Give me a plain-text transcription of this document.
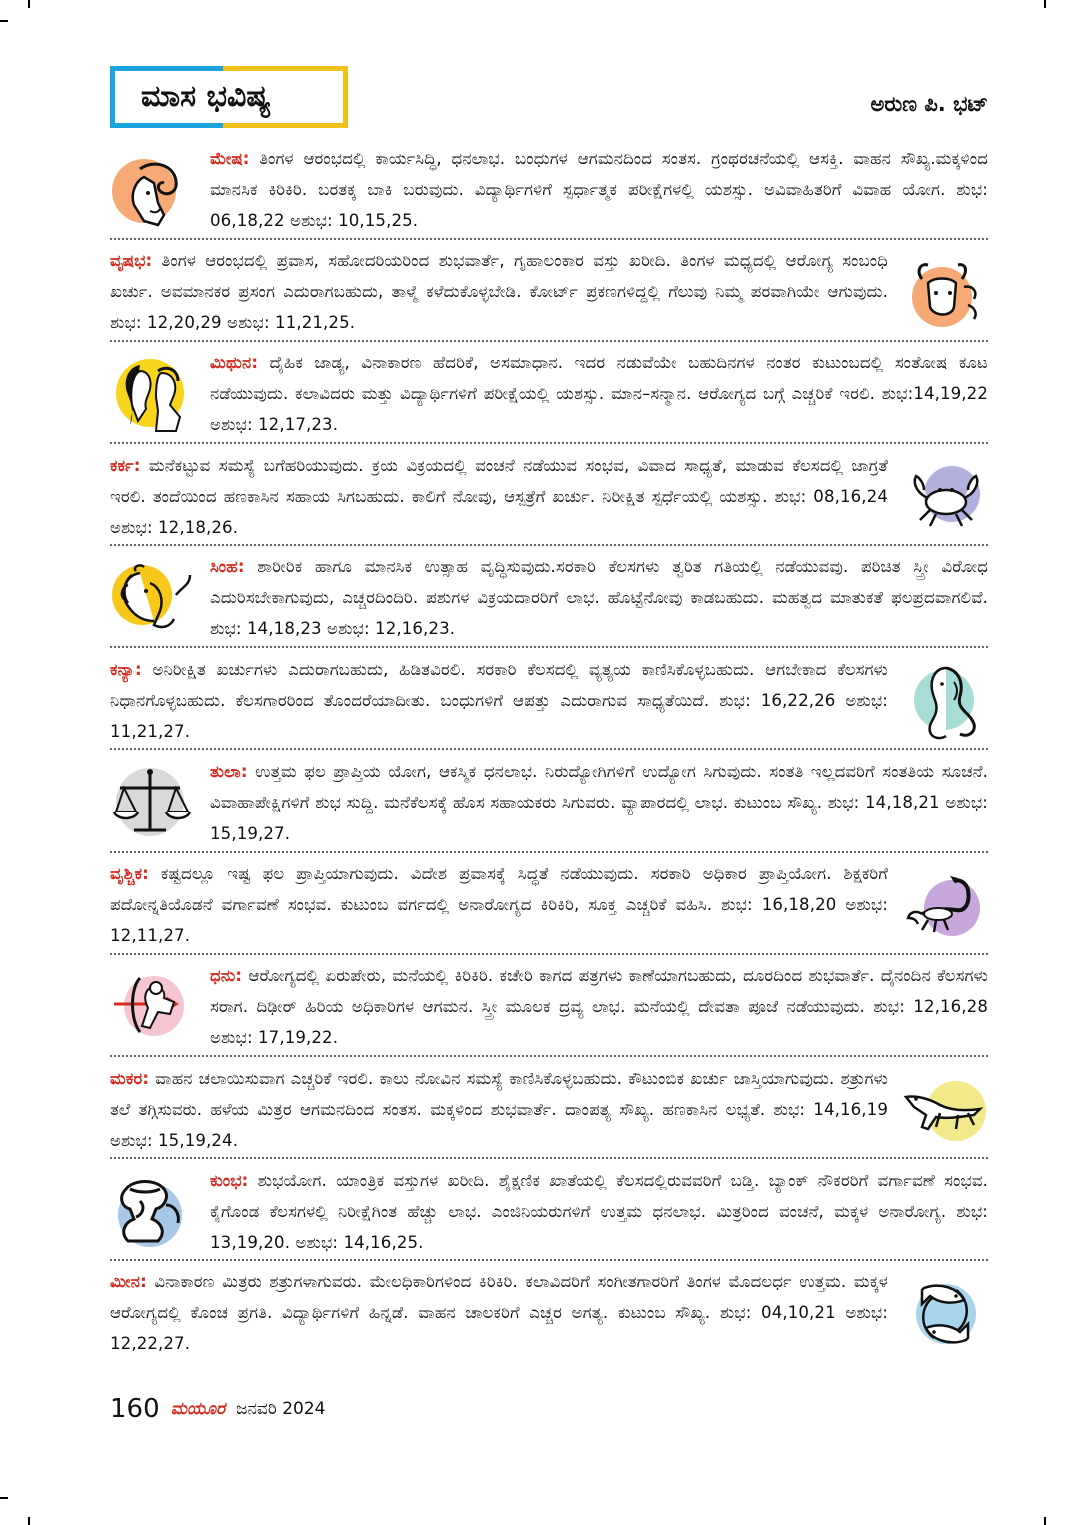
ಮಾಸ ಭವಿಷ್ಯ	ಅರುಣ ಪಿ. ಭಟ್
ಮೇಷ: ತಿಂಗಳ ಆರಂಭದಲ್ಲಿ ಕಾರ್ಯಸಿದ್ಧಿ, ಧನಲಾಭ. ಬಂಧುಗಳ ಆಗಮನದಿಂದ ಸಂತಸ. ಗ್ರಂಥರಚನೆಯಲ್ಲಿ ಆಸಕ್ತಿ. ವಾಹನ ಸೌಖ್ಯ.ಮಕ್ಕಳಿಂದ ಮಾನಸಿಕ ಕಿರಿಕಿರಿ. ಬರತಕ್ಕ ಬಾಕಿ ಬರುವುದು. ವಿದ್ಯಾರ್ಥಿಗಳಿಗೆ ಸ್ಪರ್ಧಾತ್ಮಕ ಪರೀಕ್ಷೆಗಳಲ್ಲಿ ಯಶಸ್ಸು. ಅವಿವಾಹಿತರಿಗೆ ವಿವಾಹ ಯೋಗ. ಶುಭ: 06,18,22 ಅಶುಭ: 10,15,25.
ವೃಷಭ: ತಿಂಗಳ ಆರಂಭದಲ್ಲಿ ಪ್ರವಾಸ, ಸಹೋದರಿಯರಿಂದ ಶುಭವಾರ್ತೆ, ಗೃಹಾಲಂಕಾರ ವಸ್ತು ಖರೀದಿ. ತಿಂಗಳ ಮಧ್ಯದಲ್ಲಿ ಆರೋಗ್ಯ ಸಂಬಂಧಿ ಖರ್ಚು. ಅವಮಾನಕರ ಪ್ರಸಂಗ ಎದುರಾಗಬಹುದು, ತಾಳ್ಮೆ ಕಳೆದುಕೊಳ್ಳಬೇಡಿ. ಕೋರ್ಟ್ ಪ್ರಕಣಗಳಿದ್ದಲ್ಲಿ ಗೆಲುವು ನಿಮ್ಮ ಪರವಾಗಿಯೇ ಆಗುವುದು. ಶುಭ: 12,20,29 ಅಶುಭ: 11,21,25.
ಮಿಥುನ: ದೈಹಿಕ ಜಾಡ್ಯ, ವಿನಾಕಾರಣ ಹೆದರಿಕೆ, ಅಸಮಾಧಾನ. ಇದರ ನಡುವೆಯೇ ಬಹುದಿನಗಳ ನಂತರ ಕುಟುಂಬದಲ್ಲಿ ಸಂತೋಷ ಕೂಟ ನಡೆಯುವುದು. ಕಲಾವಿದರು ಮತ್ತು ವಿದ್ಯಾರ್ಥಿಗಳಿಗೆ ಪರೀಕ್ಷೆಯಲ್ಲಿ ಯಶಸ್ಸು. ಮಾನ–ಸನ್ಮಾನ. ಆರೋಗ್ಯದ ಬಗ್ಗೆ ಎಚ್ಚರಿಕೆ ಇರಲಿ. ಶುಭ:14,19,22 ಅಶುಭ: 12,17,23.
ಕರ್ಕ: ಮನೆಕಟ್ಟುವ ಸಮಸ್ಯೆ ಬಗೆಹರಿಯುವುದು. ಕ್ರಯ ವಿಕ್ರಯದಲ್ಲಿ ವಂಚನೆ ನಡೆಯುವ ಸಂಭವ, ವಿವಾದ ಸಾಧ್ಯತೆ, ಮಾಡುವ ಕೆಲಸದಲ್ಲಿ ಜಾಗ್ರತೆ ಇರಲಿ. ತಂದೆಯಿಂದ ಹಣಕಾಸಿನ ಸಹಾಯ ಸಿಗಬಹುದು. ಕಾಲಿಗೆ ನೋವು, ಆಸ್ಪತ್ರೆಗೆ ಖರ್ಚು. ನಿರೀಕ್ಷಿತ ಸ್ಪರ್ಧೆಯಲ್ಲಿ ಯಶಸ್ಸು. ಶುಭ: 08,16,24 ಅಶುಭ: 12,18,26.
ಸಿಂಹ: ಶಾರೀರಿಕ ಹಾಗೂ ಮಾನಸಿಕ ಉತ್ಸಾಹ ವೃದ್ಧಿಸುವುದು.ಸರಕಾರಿ ಕೆಲಸಗಳು ತ್ವರಿತ ಗತಿಯಲ್ಲಿ ನಡೆಯುವವು. ಪರಿಚಿತ ಸ್ತ್ರೀ ವಿರೋಧ ಎದುರಿಸಬೇಕಾಗುವುದು, ಎಚ್ಚರದಿಂದಿರಿ. ಪಶುಗಳ ವಿಕ್ರಯದಾರರಿಗೆ ಲಾಭ. ಹೊಟ್ಟೆನೋವು ಕಾಡಬಹುದು. ಮಹತ್ವದ ಮಾತುಕತೆ ಫಲಪ್ರದವಾಗಲಿವೆ. ಶುಭ: 14,18,23 ಅಶುಭ: 12,16,23.
ಕನ್ಯಾ: ಅನಿರೀಕ್ಷಿತ ಖರ್ಚುಗಳು ಎದುರಾಗಬಹುದು, ಹಿಡಿತವಿರಲಿ. ಸರಕಾರಿ ಕೆಲಸದಲ್ಲಿ ವ್ಯತ್ಯಯ ಕಾಣಿಸಿಕೊಳ್ಳಬಹುದು. ಆಗಬೇಕಾದ ಕೆಲಸಗಳು ನಿಧಾನಗೊಳ್ಳಬಹುದು. ಕೆಲಸಗಾರರಿಂದ ತೊಂದರೆಯಾದೀತು. ಬಂಧುಗಳಿಗೆ ಆಪತ್ತು ಎದುರಾಗುವ ಸಾಧ್ಯತೆಯಿದೆ. ಶುಭ: 16,22,26 ಅಶುಭ: 11,21,27.
ತುಲಾ: ಉತ್ತಮ ಫಲ ಪ್ರಾಪ್ತಿಯ ಯೋಗ, ಆಕಸ್ಮಿಕ ಧನಲಾಭ. ನಿರುದ್ಯೋಗಿಗಳಿಗೆ ಉದ್ಯೋಗ ಸಿಗುವುದು. ಸಂತತಿ ಇಲ್ಲದವರಿಗೆ ಸಂತತಿಯ ಸೂಚನೆ. ವಿವಾಹಾಪೇಕ್ಷಿಗಳಿಗೆ ಶುಭ ಸುದ್ದಿ. ಮನೆಕೆಲಸಕ್ಕೆ ಹೊಸ ಸಹಾಯಕರು ಸಿಗುವರು. ವ್ಯಾಪಾರದಲ್ಲಿ ಲಾಭ. ಕುಟುಂಬ ಸೌಖ್ಯ. ಶುಭ: 14,18,21 ಅಶುಭ: 15,19,27.
ವೃಶ್ಚಿಕ: ಕಷ್ಟದಲ್ಲೂ ಇಷ್ಟ ಫಲ ಪ್ರಾಪ್ತಿಯಾಗುವುದು. ವಿದೇಶ ಪ್ರವಾಸಕ್ಕೆ ಸಿದ್ಧತೆ ನಡೆಯುವುದು. ಸರಕಾರಿ ಅಧಿಕಾರ ಪ್ರಾಪ್ತಿಯೋಗ. ಶಿಕ್ಷಕರಿಗೆ ಪದೋನ್ನತಿಯೊಡನೆ ವರ್ಗಾವಣೆ ಸಂಭವ. ಕುಟುಂಬ ವರ್ಗದಲ್ಲಿ ಅನಾರೋಗ್ಯದ ಕಿರಿಕಿರಿ, ಸೂಕ್ತ ಎಚ್ಚರಿಕೆ ವಹಿಸಿ. ಶುಭ: 16,18,20 ಅಶುಭ: 12,11,27.
ಧನು: ಆರೋಗ್ಯದಲ್ಲಿ ಏರುಪೇರು, ಮನೆಯಲ್ಲಿ ಕಿರಿಕಿರಿ. ಕಚೇರಿ ಕಾಗದ ಪತ್ರಗಳು ಕಾಣೆಯಾಗಬಹುದು, ದೂರದಿಂದ ಶುಭವಾರ್ತೆ. ದೈನಂದಿನ ಕೆಲಸಗಳು ಸರಾಗ. ದಿಢೀರ್ ಹಿರಿಯ ಅಧಿಕಾರಿಗಳ ಆಗಮನ. ಸ್ತ್ರೀ ಮೂಲಕ ದ್ರವ್ಯ ಲಾಭ. ಮನೆಯಲ್ಲಿ ದೇವತಾ ಪೂಜೆ ನಡೆಯುವುದು. ಶುಭ: 12,16,28 ಅಶುಭ: 17,19,22.
ಮಕರ: ವಾಹನ ಚಲಾಯಿಸುವಾಗ ಎಚ್ಚರಿಕೆ ಇರಲಿ. ಕಾಲು ನೋವಿನ ಸಮಸ್ಯೆ ಕಾಣಿಸಿಕೊಳ್ಳಬಹುದು. ಕೌಟುಂಬಿಕ ಖರ್ಚು ಜಾಸ್ತಿಯಾಗುವುದು. ಶತ್ರುಗಳು ತಲೆ ತಗ್ಗಿಸುವರು. ಹಳೆಯ ಮಿತ್ರರ ಆಗಮನದಿಂದ ಸಂತಸ. ಮಕ್ಕಳಿಂದ ಶುಭವಾರ್ತೆ. ದಾಂಪತ್ಯ ಸೌಖ್ಯ. ಹಣಕಾಸಿನ ಲಭ್ಯತೆ. ಶುಭ: 14,16,19 ಅಶುಭ: 15,19,24.
ಕುಂಭ: ಶುಭಯೋಗ. ಯಾಂತ್ರಿಕ ವಸ್ತುಗಳ ಖರೀದಿ. ಶೈಕ್ಷಣಿಕ ಖಾತೆಯಲ್ಲಿ ಕೆಲಸದಲ್ಲಿರುವವರಿಗೆ ಬಡ್ತಿ. ಬ್ಯಾಂಕ್ ನೌಕರರಿಗೆ ವರ್ಗಾವಣೆ ಸಂಭವ. ಕೈಗೊಂಡ ಕೆಲಸಗಳಲ್ಲಿ ನಿರೀಕ್ಷೆಗಿಂತ ಹೆಚ್ಚು ಲಾಭ. ಎಂಜಿನಿಯರುಗಳಿಗೆ ಉತ್ತಮ ಧನಲಾಭ. ಮಿತ್ರರಿಂದ ವಂಚನೆ, ಮಕ್ಕಳ ಅನಾರೋಗ್ಯ. ಶುಭ: 13,19,20. ಅಶುಭ: 14,16,25.
ಮೀನ: ವಿನಾಕಾರಣ ಮಿತ್ರರು ಶತ್ರುಗಳಾಗುವರು. ಮೇಲಧಿಕಾರಿಗಳಿಂದ ಕಿರಿಕಿರಿ. ಕಲಾವಿದರಿಗೆ ಸಂಗೀತಗಾರರಿಗೆ ತಿಂಗಳ ಮೊದಲರ್ಧ ಉತ್ತಮ. ಮಕ್ಕಳ ಆರೋಗ್ಯದಲ್ಲಿ ಕೊಂಚ ಪ್ರಗತಿ. ವಿದ್ಯಾರ್ಥಿಗಳಿಗೆ ಹಿನ್ನಡೆ. ವಾಹನ ಚಾಲಕರಿಗೆ ಎಚ್ಚರ ಅಗತ್ಯ. ಕುಟುಂಬ ಸೌಖ್ಯ. ಶುಭ: 04,10,21 ಅಶುಭ: 12,22,27.
160 ಮಯೂರ ಜನವರಿ 2024
